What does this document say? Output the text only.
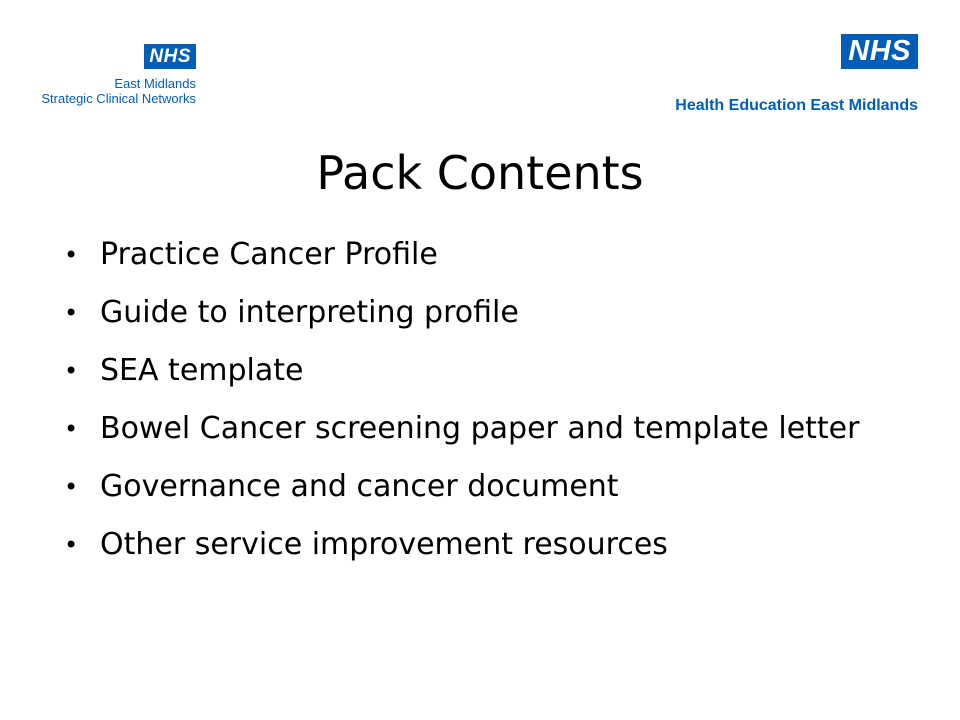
NHS
East Midlands
Strategic Clinical Networks
NHS
Health Education East Midlands
Pack Contents
• Practice Cancer Profile
• Guide to interpreting profile
• SEA template
• Bowel Cancer screening paper and template letter
• Governance and cancer document
• Other service improvement resources
